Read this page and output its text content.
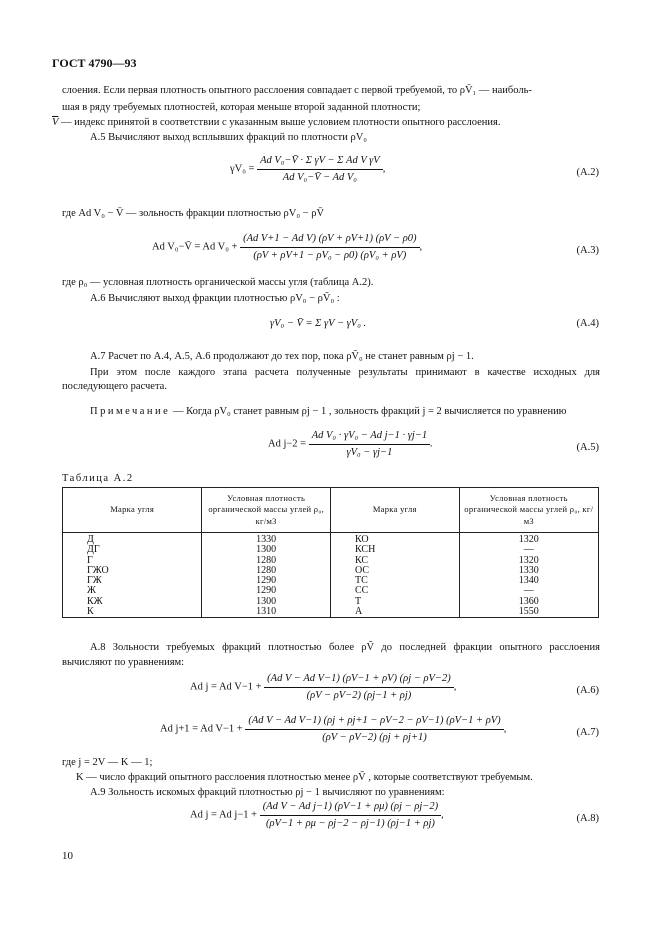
ГОСТ 4790—93
слоения. Если первая плотность опытного расслоения совпадает с первой требуемой, то ρV̄₁ — наиболь-
шая в ряду требуемых плотностей, которая меньше второй заданной плотности;
$\overline{V}$ — индекс принятой в соответствии с указанным выше условием плотности опытного расслоения.
А.5 Вычисляют выход всплывших фракций по плотности ρV₀
$\gamma V_0 = \frac{\text{Ad V₀−V̄ · Σ γV − Σ Ad V γV}}{\text{Ad V₀−V̄ − Ad V₀}}$ ,	(A.2)
где Ad V₀ − V̄ — зольность фракции плотностью ρV₀ − ρV̄
Ad V₀−V̄ = Ad $V_0 + \frac{\text{(Ad V+1 − Ad V) (ρV + ρV+1) (ρV − ρ0)}}{\text{(ρV + ρV+1 − ρV₀ − ρ0) (ρV₀ + ρV)}}$ ,	(A.3)
где ρ₀ — условная плотность органической массы угля (таблица А.2).
А.6 Вычисляют выход фракции плотностью ρV₀ − ρṼ₀ :
γV₀ − V̄ = Σ γV − γV₀ .	(A.4)
А.7 Расчет по А.4, А.5, А.6 продолжают до тех пор, пока ρṼ₀ не станет равным ρj − 1.
При этом после каждого этапа расчета полученные результаты принимают в качестве исходных для последующего расчета.
Примечание — Когда ρV₀ станет равным ρj − 1 , зольность фракций j = 2 вычисляется по уравнению
Ad $j-2 = \frac{\text{Ad V₀ · γV₀ − Ad j−1 · γj−1}}{\text{γV₀ − γj−1}}$ .	(A.5)
Таблица А.2
Марка угля	Условная плотность органической массы углей ρ₀, кг/м3	Марка угля	Условная плотность органической массы углей ρ₀, кг/м3
Д	1330	КО	1320
ДГ	1300	КСН	—
Г	1280	КС	1320
ГЖО	1280	ОС	1330
ГЖ	1290	ТС	1340
Ж	1290	СС	—
КЖ	1300	Т	1360
К	1310	А	1550
А.8 Зольности требуемых фракций плотностью более ρṼ до последней фракции опытного расслоения вычисляют по уравнениям:
Ad j = Ad $V-1 + \frac{\text{(Ad V − Ad V−1) (ρV−1 + ρV) (ρj − ρV−2)}}{(\rho V - \rho V-2) (\rho j-1 + \rho j)}$ ,	(A.6)
Ad j+1 = Ad $V-1 + \frac{\text{(Ad V − Ad V−1) (ρj + ρj+1 − ρV−2 − ρV−1) (ρV−1 + ρV)}}{(\rho V - \rho V-2) (\rho j + \rho j+1)}$ ,	(A.7)
где j = 2V — K — 1;
K — число фракций опытного расслоения плотностью менее ρṼ , которые соответствуют требуемым.
А.9 Зольность искомых фракций плотностью ρj − 1 вычисляют по уравнениям:
Ad j = Ad $j-1 + \frac{\text{(Ad V − Ad j−1) (ρV−1 + ρμ) (ρj − ρj−2)}}{(\rho V-1 + \rho\mu - \rho j-2 - \rho j-1) (\rho j-1 + \rho j)}$ ,	(A.8)
10
